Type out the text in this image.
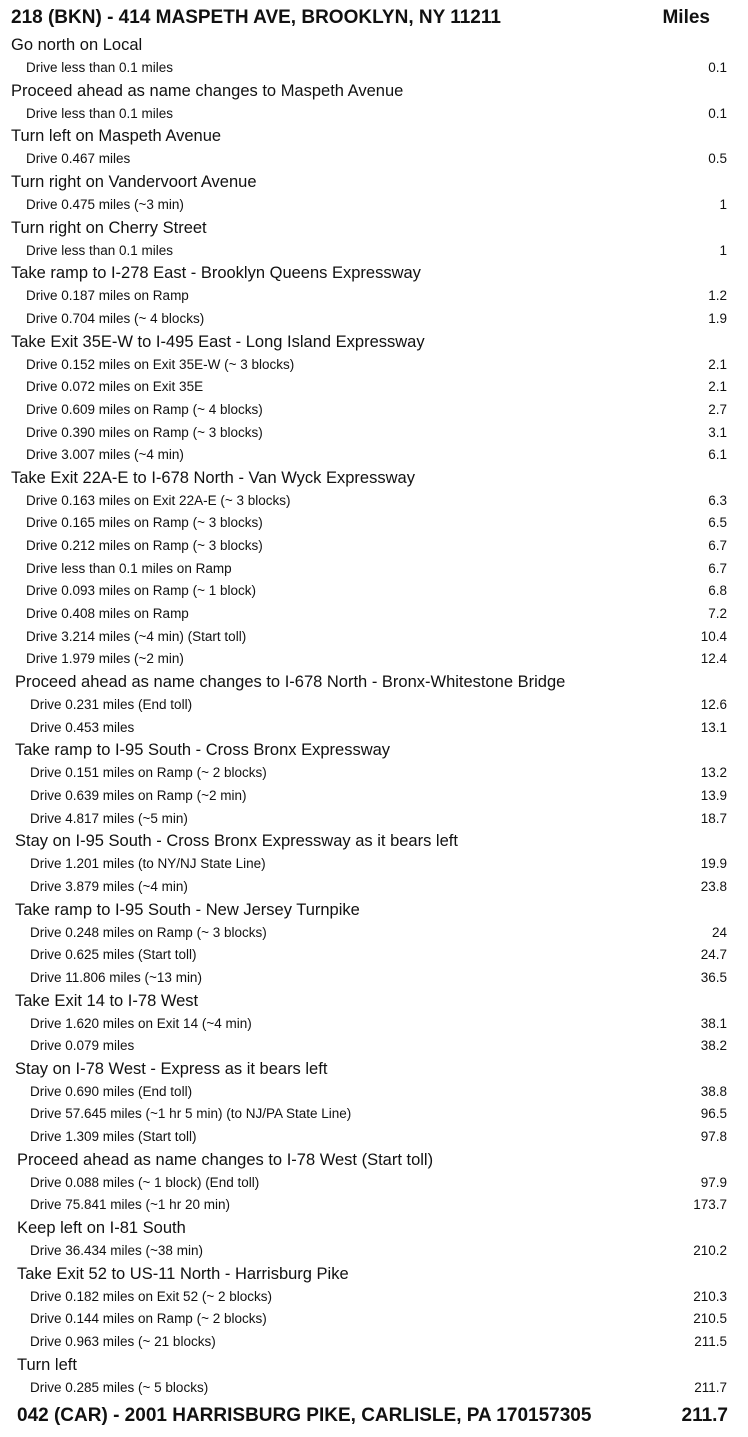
218 (BKN) - 414 MASPETH AVE, BROOKLYN, NY 11211	Miles
Go north on Local
Drive less than 0.1 miles	0.1
Proceed ahead as name changes to Maspeth Avenue
Drive less than 0.1 miles	0.1
Turn left on Maspeth Avenue
Drive 0.467 miles	0.5
Turn right on Vandervoort Avenue
Drive 0.475 miles (~3 min)	1
Turn right on Cherry Street
Drive less than 0.1 miles	1
Take ramp to I-278 East - Brooklyn Queens Expressway
Drive 0.187 miles on Ramp	1.2
Drive 0.704 miles (~ 4 blocks)	1.9
Take Exit 35E-W to I-495 East - Long Island Expressway
Drive 0.152 miles on Exit 35E-W (~ 3 blocks)	2.1
Drive 0.072 miles on Exit 35E	2.1
Drive 0.609 miles on Ramp (~ 4 blocks)	2.7
Drive 0.390 miles on Ramp (~ 3 blocks)	3.1
Drive 3.007 miles (~4 min)	6.1
Take Exit 22A-E to I-678 North - Van Wyck Expressway
Drive 0.163 miles on Exit 22A-E (~ 3 blocks)	6.3
Drive 0.165 miles on Ramp (~ 3 blocks)	6.5
Drive 0.212 miles on Ramp (~ 3 blocks)	6.7
Drive less than 0.1 miles on Ramp	6.7
Drive 0.093 miles on Ramp (~ 1 block)	6.8
Drive 0.408 miles on Ramp	7.2
Drive 3.214 miles (~4 min) (Start toll)	10.4
Drive 1.979 miles (~2 min)	12.4
Proceed ahead as name changes to I-678 North - Bronx-Whitestone Bridge
Drive 0.231 miles (End toll)	12.6
Drive 0.453 miles	13.1
Take ramp to I-95 South - Cross Bronx Expressway
Drive 0.151 miles on Ramp (~ 2 blocks)	13.2
Drive 0.639 miles on Ramp (~2 min)	13.9
Drive 4.817 miles (~5 min)	18.7
Stay on I-95 South - Cross Bronx Expressway as it bears left
Drive 1.201 miles (to NY/NJ State Line)	19.9
Drive 3.879 miles (~4 min)	23.8
Take ramp to I-95 South - New Jersey Turnpike
Drive 0.248 miles on Ramp (~ 3 blocks)	24
Drive 0.625 miles (Start toll)	24.7
Drive 11.806 miles (~13 min)	36.5
Take Exit 14 to I-78 West
Drive 1.620 miles on Exit 14 (~4 min)	38.1
Drive 0.079 miles	38.2
Stay on I-78 West - Express as it bears left
Drive 0.690 miles (End toll)	38.8
Drive 57.645 miles (~1 hr 5 min) (to NJ/PA State Line)	96.5
Drive 1.309 miles (Start toll)	97.8
Proceed ahead as name changes to I-78 West (Start toll)
Drive 0.088 miles (~ 1 block) (End toll)	97.9
Drive 75.841 miles (~1 hr 20 min)	173.7
Keep left on I-81 South
Drive 36.434 miles (~38 min)	210.2
Take Exit 52 to US-11 North - Harrisburg Pike
Drive 0.182 miles on Exit 52 (~ 2 blocks)	210.3
Drive 0.144 miles on Ramp (~ 2 blocks)	210.5
Drive 0.963 miles (~ 21 blocks)	211.5
Turn left
Drive 0.285 miles (~ 5 blocks)	211.7
042 (CAR) - 2001 HARRISBURG PIKE, CARLISLE, PA 170157305	211.7
